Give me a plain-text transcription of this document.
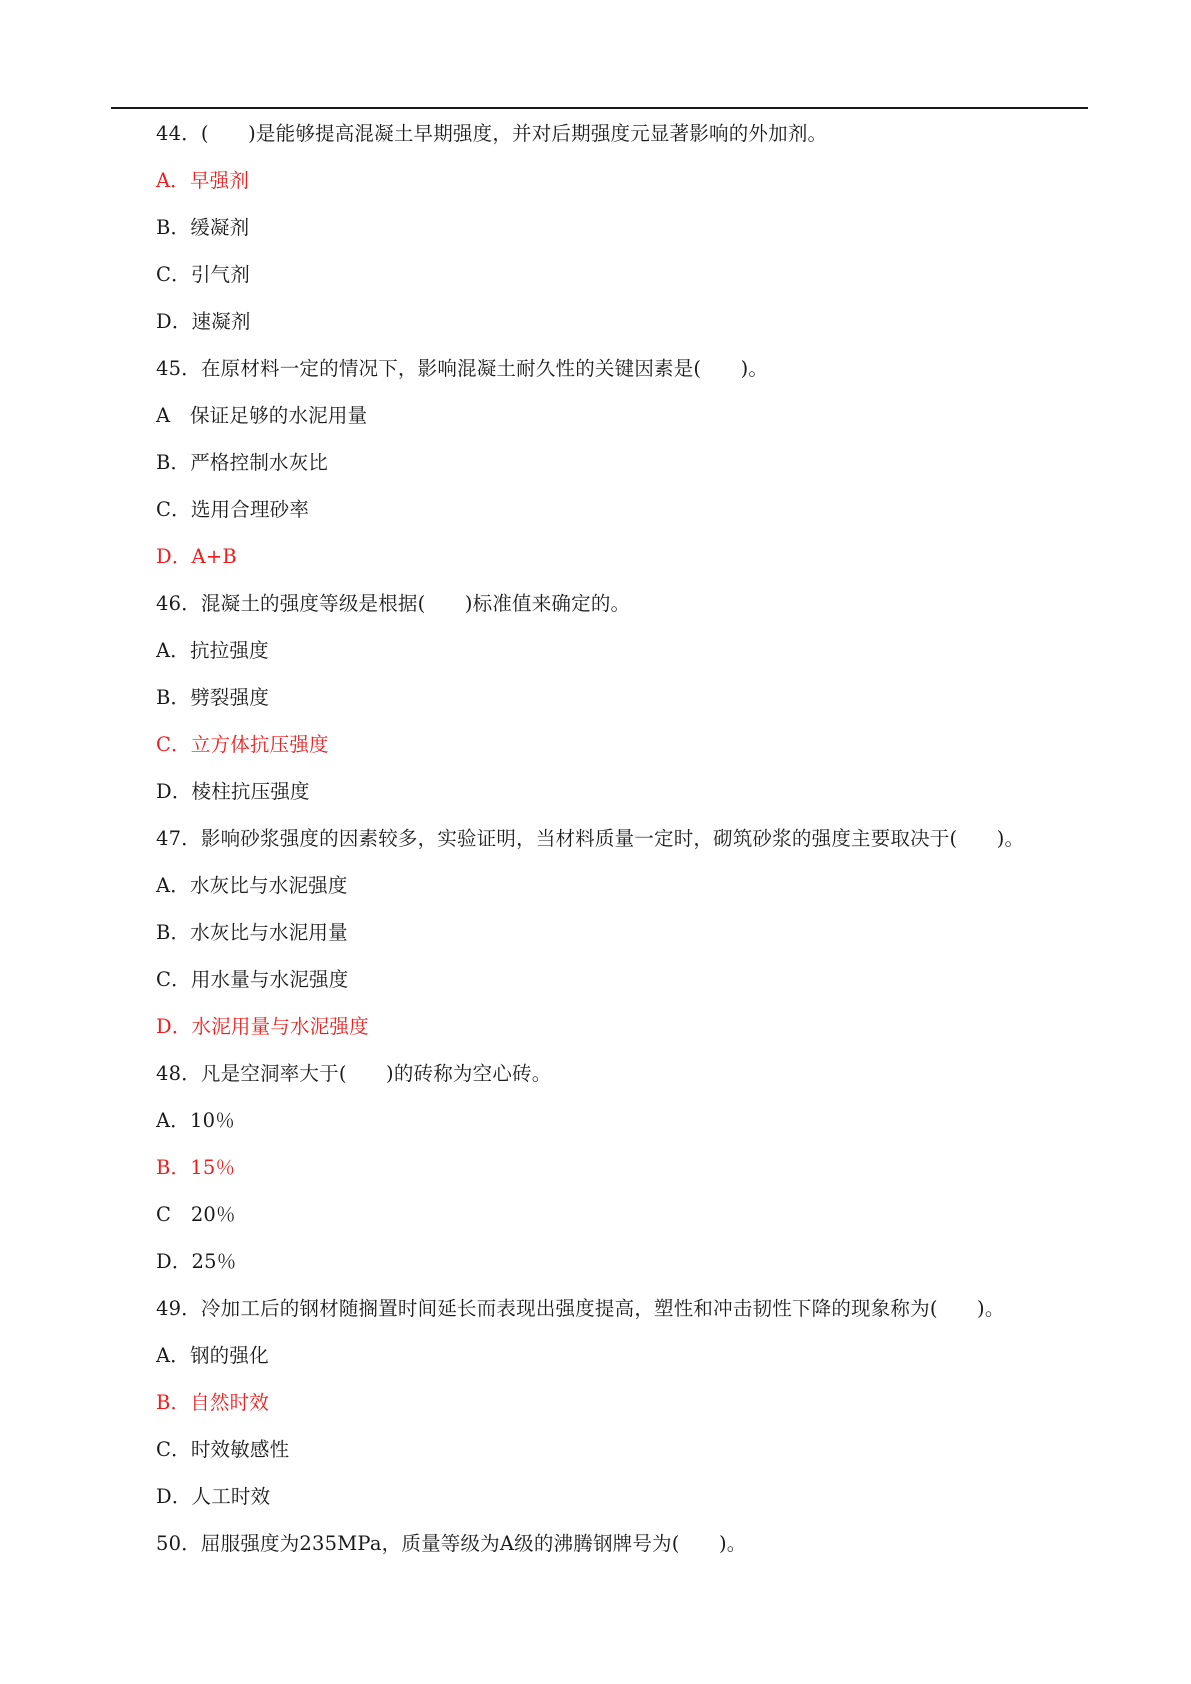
44．(　　)是能够提高混凝土早期强度，并对后期强度元显著影响的外加剂。
A．早强剂
B．缓凝剂
C．引气剂
D．速凝剂
45．在原材料一定的情况下，影响混凝土耐久性的关键因素是(　　)。
A　保证足够的水泥用量
B．严格控制水灰比
C．选用合理砂率
D．A+B
46．混凝土的强度等级是根据(　　)标准值来确定的。
A．抗拉强度
B．劈裂强度
C．立方体抗压强度
D．棱柱抗压强度
47．影响砂浆强度的因素较多，实验证明，当材料质量一定时，砌筑砂浆的强度主要取决于(　　)。
A．水灰比与水泥强度
B．水灰比与水泥用量
C．用水量与水泥强度
D．水泥用量与水泥强度
48．凡是空洞率大于(　　)的砖称为空心砖。
A．10％
B．15％
C　20％
D．25％
49．冷加工后的钢材随搁置时间延长而表现出强度提高，塑性和冲击韧性下降的现象称为(　　)。
A．钢的强化
B．自然时效
C．时效敏感性
D．人工时效
50．屈服强度为235MPa，质量等级为A级的沸腾钢牌号为(　　)。
